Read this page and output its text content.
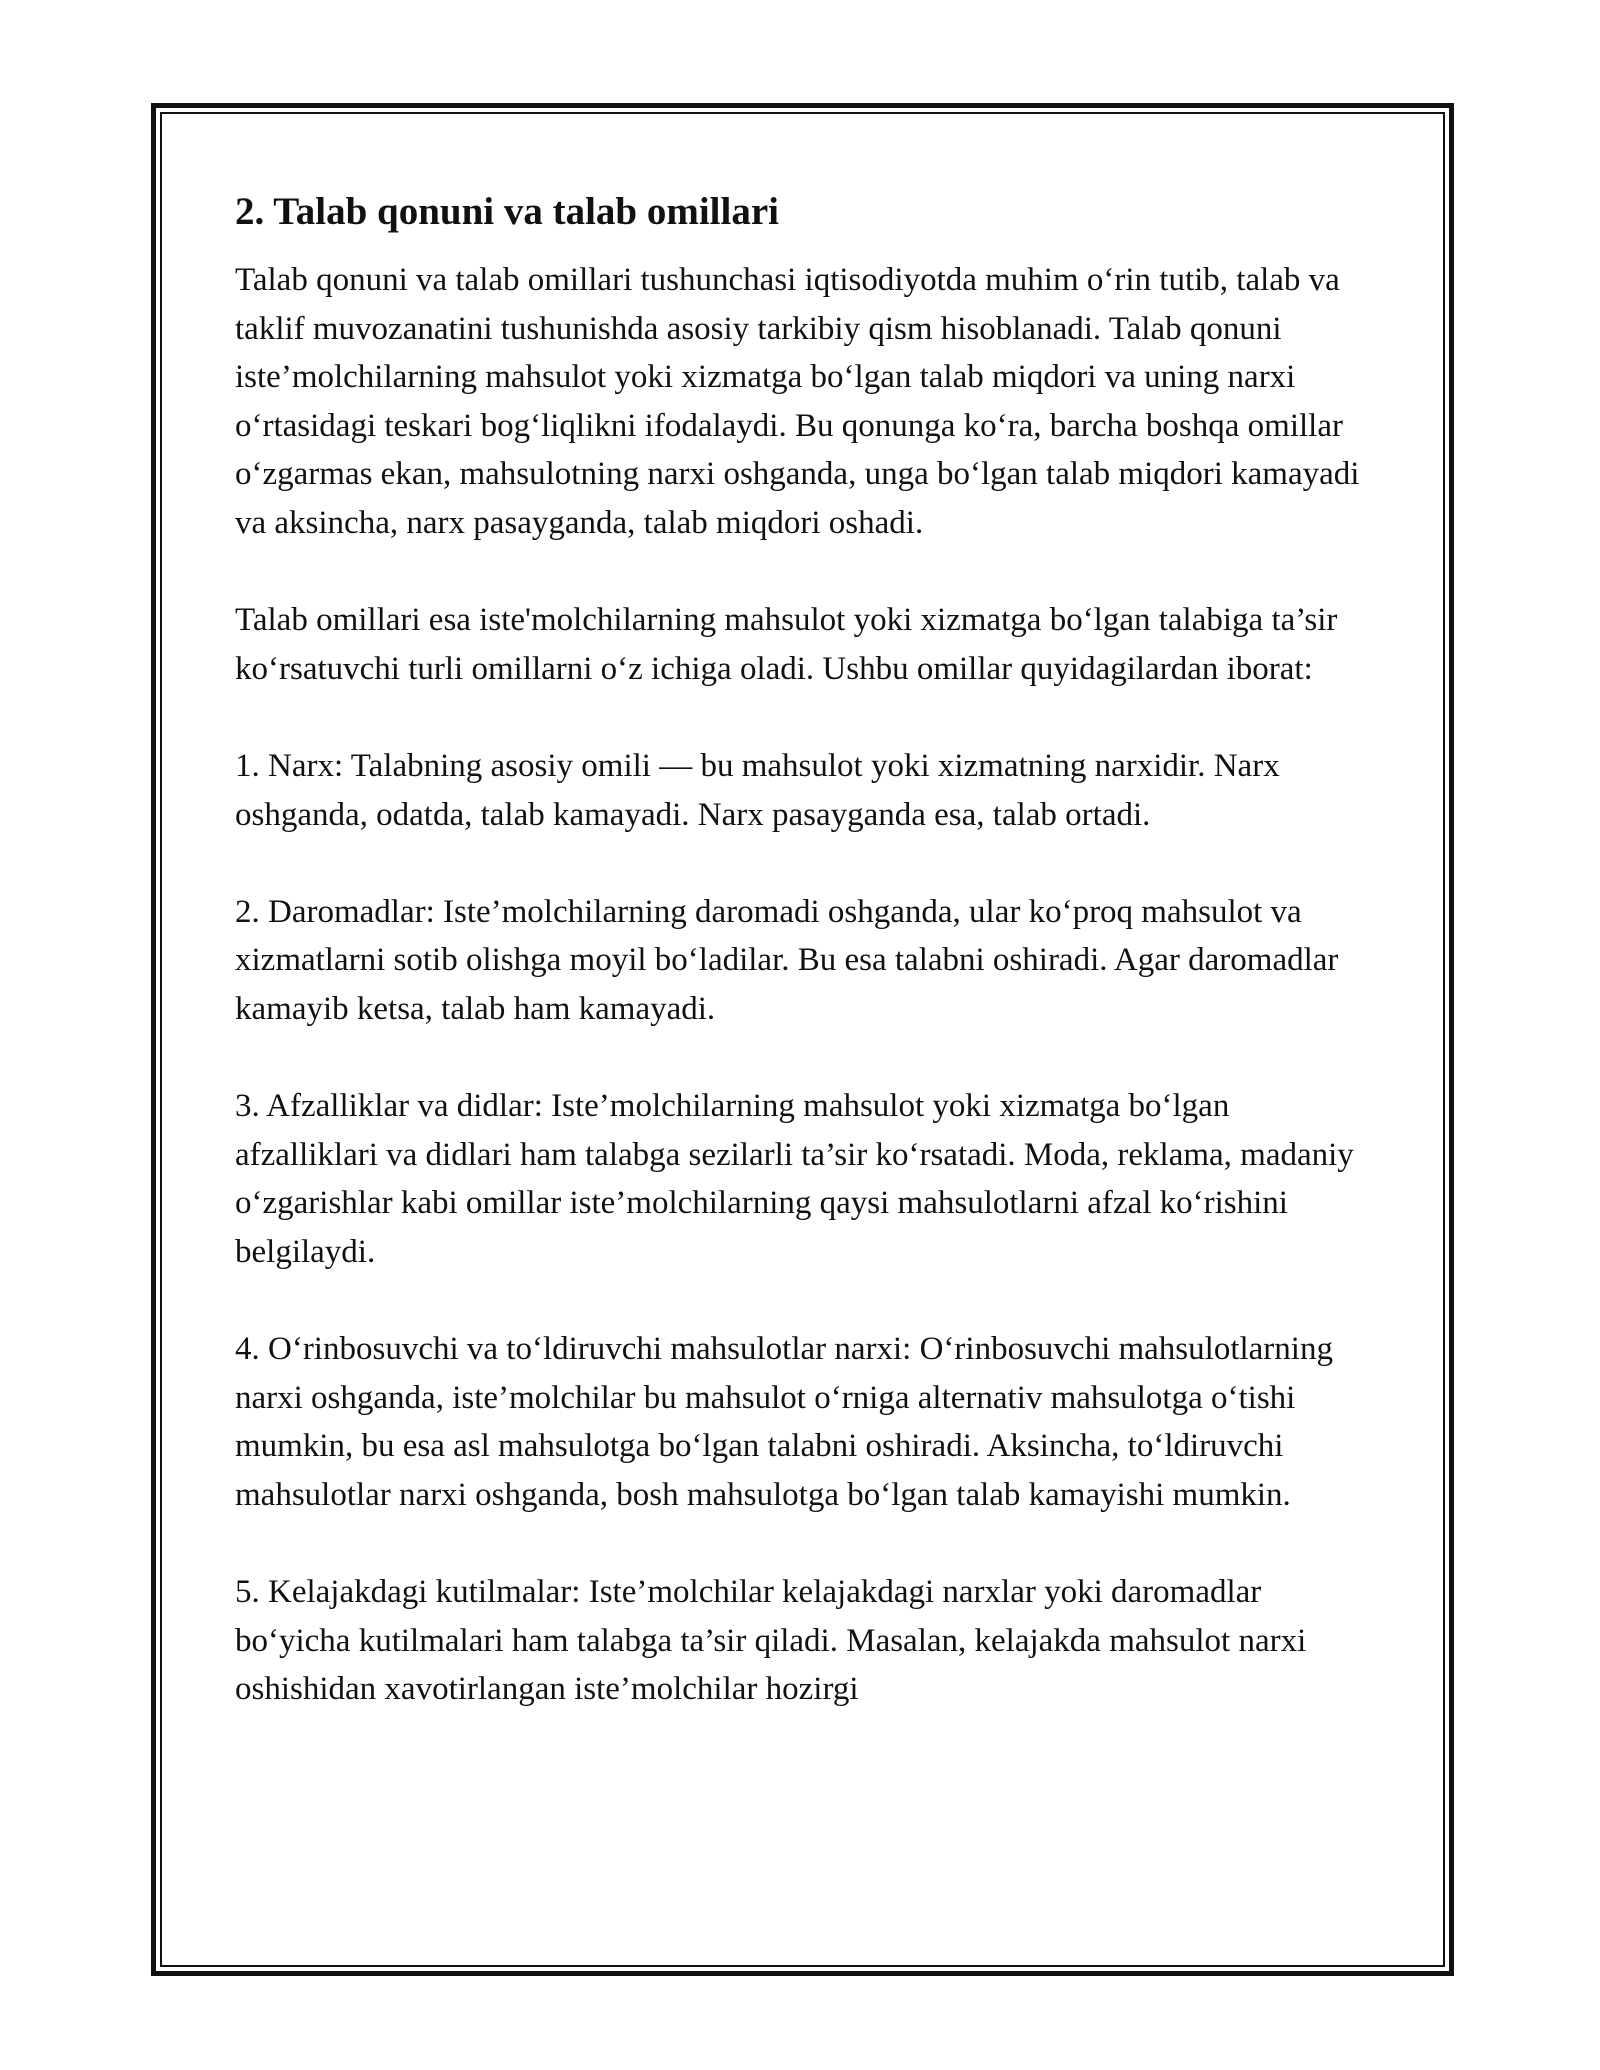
2. Talab qonuni va talab omillari

Talab qonuni va talab omillari tushunchasi iqtisodiyotda muhim o‘rin tutib, talab va taklif muvozanatini tushunishda asosiy tarkibiy qism hisoblanadi. Talab qonuni iste’molchilarning mahsulot yoki xizmatga bo‘lgan talab miqdori va uning narxi o‘rtasidagi teskari bog‘liqlikni ifodalaydi. Bu qonunga ko‘ra, barcha boshqa omillar o‘zgarmas ekan, mahsulotning narxi oshganda, unga bo‘lgan talab miqdori kamayadi va aksincha, narx pasayganda, talab miqdori oshadi.

Talab omillari esa iste'molchilarning mahsulot yoki xizmatga bo‘lgan talabiga ta’sir ko‘rsatuvchi turli omillarni o‘z ichiga oladi. Ushbu omillar quyidagilardan iborat:

1. Narx: Talabning asosiy omili — bu mahsulot yoki xizmatning narxidir. Narx oshganda, odatda, talab kamayadi. Narx pasayganda esa, talab ortadi.

2. Daromadlar: Iste’molchilarning daromadi oshganda, ular ko‘proq mahsulot va xizmatlarni sotib olishga moyil bo‘ladilar. Bu esa talabni oshiradi. Agar daromadlar kamayib ketsa, talab ham kamayadi.

3. Afzalliklar va didlar: Iste’molchilarning mahsulot yoki xizmatga bo‘lgan afzalliklari va didlari ham talabga sezilarli ta’sir ko‘rsatadi. Moda, reklama, madaniy o‘zgarishlar kabi omillar iste’molchilarning qaysi mahsulotlarni afzal ko‘rishini belgilaydi.

4. O‘rinbosuvchi va to‘ldiruvchi mahsulotlar narxi: O‘rinbosuvchi mahsulotlarning narxi oshganda, iste’molchilar bu mahsulot o‘rniga alternativ mahsulotga o‘tishi mumkin, bu esa asl mahsulotga bo‘lgan talabni oshiradi. Aksincha, to‘ldiruvchi mahsulotlar narxi oshganda, bosh mahsulotga bo‘lgan talab kamayishi mumkin.

5. Kelajakdagi kutilmalar: Iste’molchilar kelajakdagi narxlar yoki daromadlar bo‘yicha kutilmalari ham talabga ta’sir qiladi. Masalan, kelajakda mahsulot narxi oshishidan xavotirlangan iste’molchilar hozirgi
